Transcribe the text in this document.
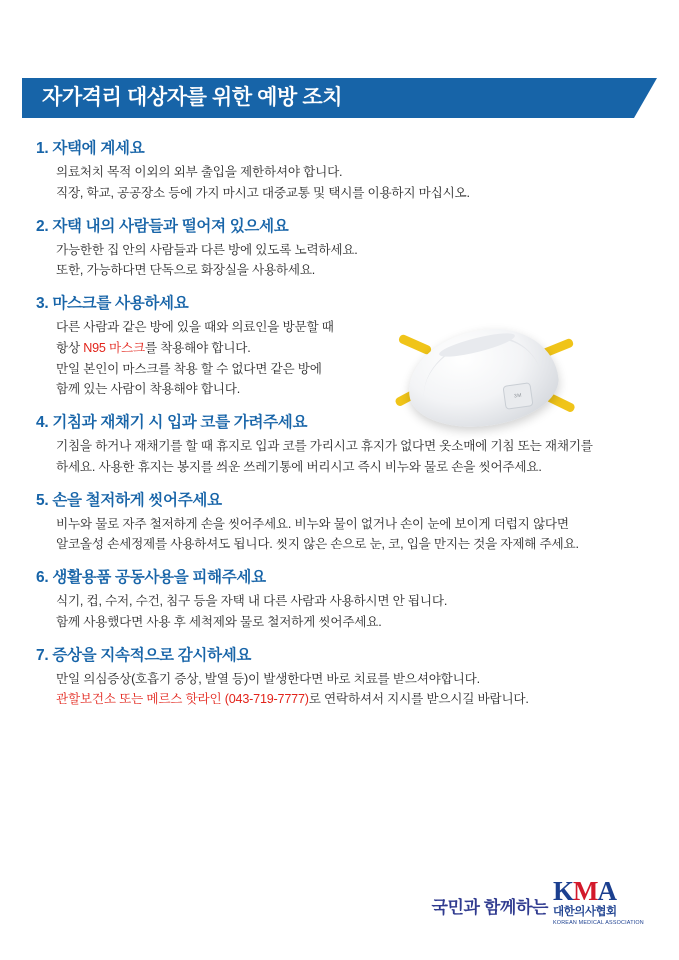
자가격리 대상자를 위한 예방 조치
1. 자택에 계세요
의료처치 목적 이외의 외부 출입을 제한하셔야 합니다.
직장, 학교, 공공장소 등에 가지 마시고 대중교통 및 택시를 이용하지 마십시오.
2. 자택 내의 사람들과 떨어져 있으세요
가능한한 집 안의 사람들과 다른 방에 있도록 노력하세요.
또한, 가능하다면 단독으로 화장실을 사용하세요.
3. 마스크를 사용하세요
다른 사람과 같은 방에 있을 때와 의료인을 방문할 때
항상 N95 마스크를 착용해야 합니다.
만일 본인이 마스크를 착용 할 수 없다면 같은 방에
함께 있는 사람이 착용해야 합니다.
4. 기침과 재채기 시 입과 코를 가려주세요
기침을 하거나 재채기를 할 때 휴지로 입과 코를 가리시고 휴지가 없다면 옷소매에 기침 또는 재채기를
하세요. 사용한 휴지는 봉지를 씌운 쓰레기통에 버리시고 즉시 비누와 물로 손을 씻어주세요.
5. 손을 철저하게 씻어주세요
비누와 물로 자주 철저하게 손을 씻어주세요. 비누와 물이 없거나 손이 눈에 보이게 더럽지 않다면
알코올성 손세정제를 사용하셔도 됩니다. 씻지 않은 손으로 눈, 코, 입을 만지는 것을 자제해 주세요.
6. 생활용품 공동사용을 피해주세요
식기, 컵, 수저, 수건, 침구 등을 자택 내 다른 사람과 사용하시면 안 됩니다.
함께 사용했다면 사용 후 세척제와 물로 철저하게 씻어주세요.
7. 증상을 지속적으로 감시하세요
만일 의심증상(호흡기 증상, 발열 등)이 발생한다면 바로 치료를 받으셔야합니다.
관할보건소 또는 메르스 핫라인 (043-719-7777)로 연락하셔서 지시를 받으시길 바랍니다.
3M
국민과 함께하는
KMA
대한의사협회
KOREAN MEDICAL ASSOCIATION
